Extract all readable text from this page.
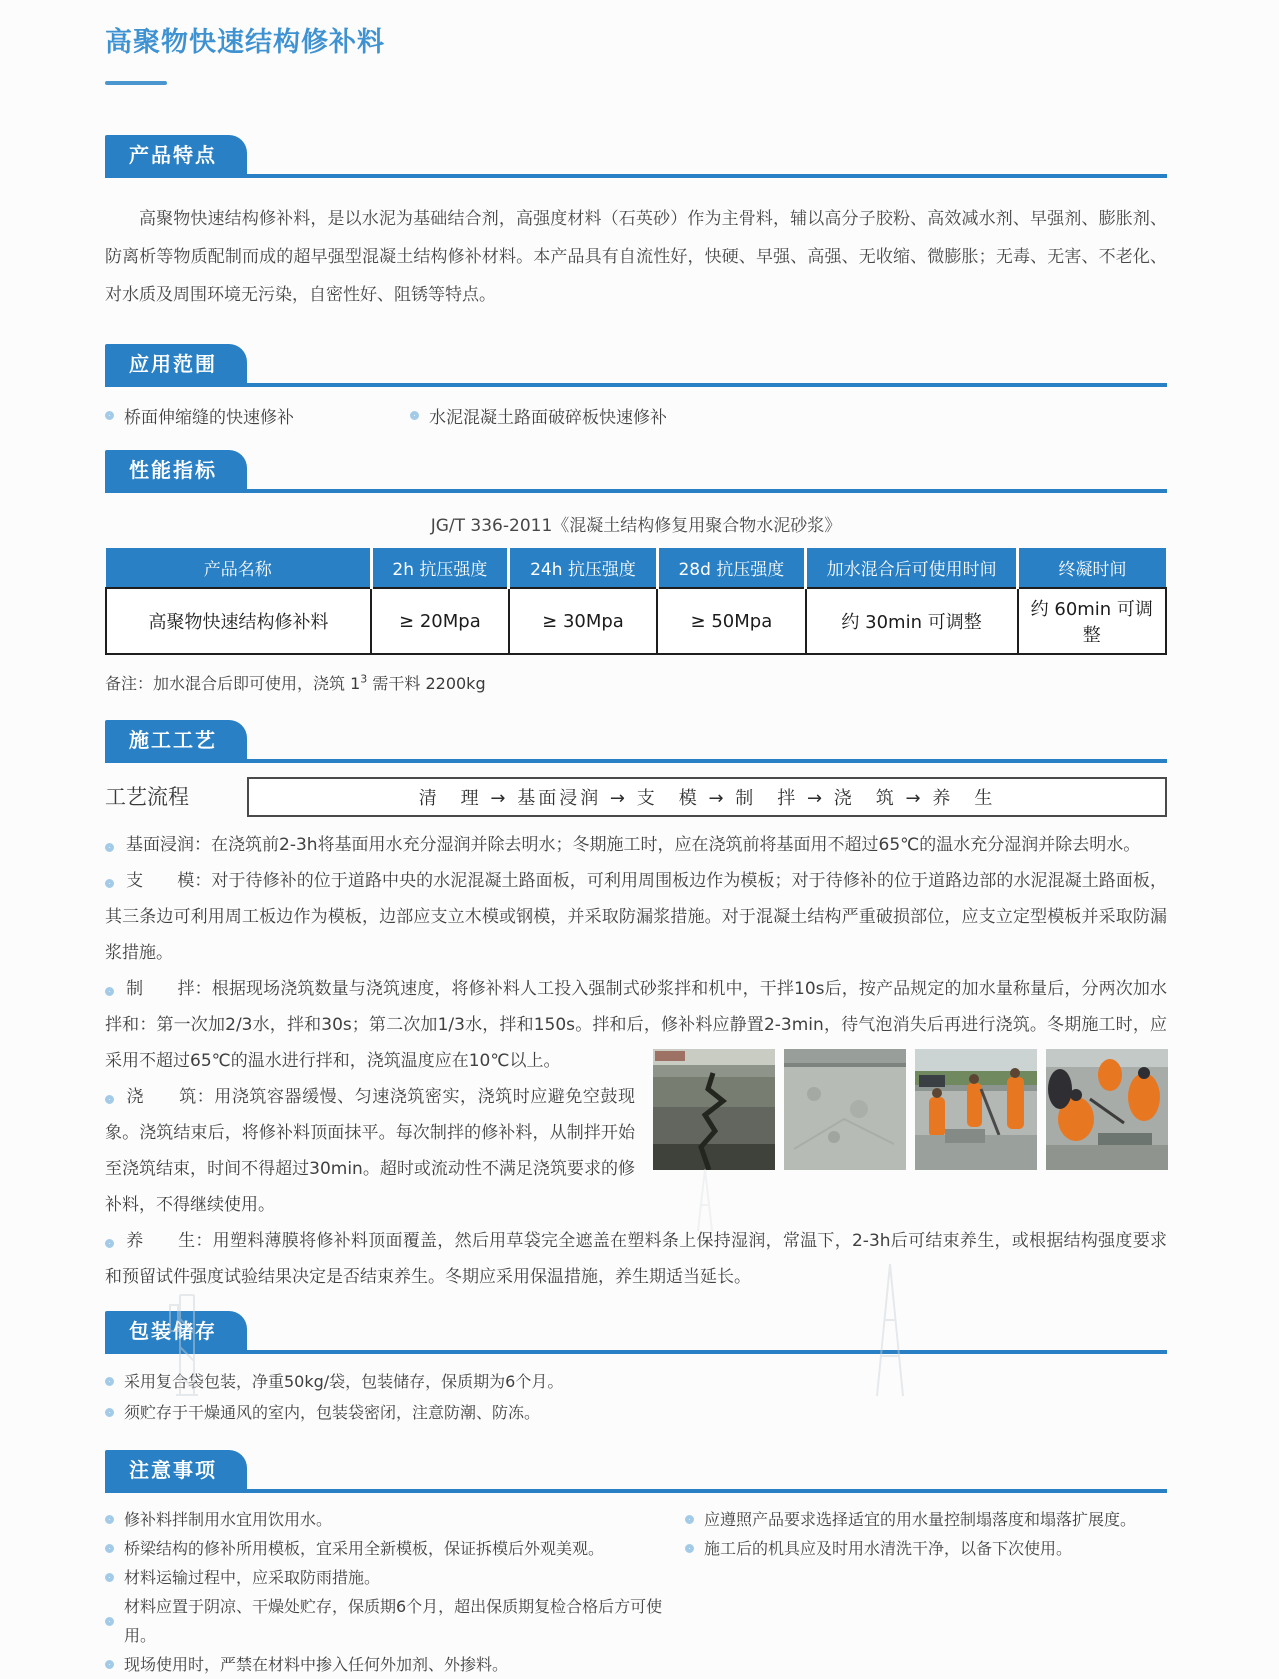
高聚物快速结构修补料
产品特点

高聚物快速结构修补料，是以水泥为基础结合剂，高强度材料（石英砂）作为主骨料，辅以高分子胶粉、高效减水剂、早强剂、膨胀剂、防离析等物质配制而成的超早强型混凝土结构修补材料。本产品具有自流性好，快硬、早强、高强、无收缩、微膨胀；无毒、无害、不老化、对水质及周围环境无污染，自密性好、阻锈等特点。

应用范围
桥面伸缩缝的快速修补	水泥混凝土路面破碎板快速修补
性能指标
JG/T 336-2011《混凝土结构修复用聚合物水泥砂浆》
产品名称	2h 抗压强度	24h 抗压强度	28d 抗压强度	加水混合后可使用时间	终凝时间
高聚物快速结构修补料	≥ 20Mpa	≥ 30Mpa	≥ 50Mpa	约 30min 可调整	约 60min 可调整
备注：加水混合后即可使用，浇筑 $1^3$ 需干料 2200kg
施工工艺
工艺流程	清　理 → 基面浸润 → 支　模 → 制　拌 → 浇　筑 → 养　生
基面浸润：在浇筑前2-3h将基面用水充分湿润并除去明水；冬期施工时，应在浇筑前将基面用不超过65℃的温水充分湿润并除去明水。
支　　模：对于待修补的位于道路中央的水泥混凝土路面板，可利用周围板边作为模板；对于待修补的位于道路边部的水泥混凝土路面板，其三条边可利用周工板边作为模板，边部应支立木模或钢模，并采取防漏浆措施。对于混凝土结构严重破损部位，应支立定型模板并采取防漏浆措施。
制　　拌：根据现场浇筑数量与浇筑速度，将修补料人工投入强制式砂浆拌和机中，干拌10s后，按产品规定的加水量称量后，分两次加水拌和：第一次加2/3水，拌和30s；第二次加1/3水，拌和150s。拌和后，修补料应静置2-3min，待气泡消失后再进行浇筑。冬期施工时，应采用不
超过65℃的温水进行拌和，浇筑温度应在10℃以上。
浇　　筑：用浇筑容器缓慢、匀速浇筑密实，浇筑时应避免空鼓现象。浇筑结束后，将修补料顶面抹平。每次制拌的修补料，从制拌开始至浇筑结束，时间不得超过30min。超时或流动性不满足浇筑要求的修补料，不得继续使用。
养　　生：用塑料薄膜将修补料顶面覆盖，然后用草袋完全遮盖在塑料条上保持湿润，常温下，2-3h后可结束养生，或根据结构强度要求和预留试件强度试验结果决定是否结束养生。冬期应采用保温措施，养生期适当延长。
包装储存
采用复合袋包装，净重50kg/袋，包装储存，保质期为6个月。
须贮存于干燥通风的室内，包装袋密闭，注意防潮、防冻。
注意事项
修补料拌制用水宜用饮用水。
桥梁结构的修补所用模板，宜采用全新模板，保证拆模后外观美观。
材料运输过程中，应采取防雨措施。
材料应置于阴凉、干燥处贮存，保质期6个月，超出保质期复检合格后方可使用。
现场使用时，严禁在材料中掺入任何外加剂、外掺料。
应遵照产品要求选择适宜的用水量控制塌落度和塌落扩展度。
施工后的机具应及时用水清洗干净，以备下次使用。
